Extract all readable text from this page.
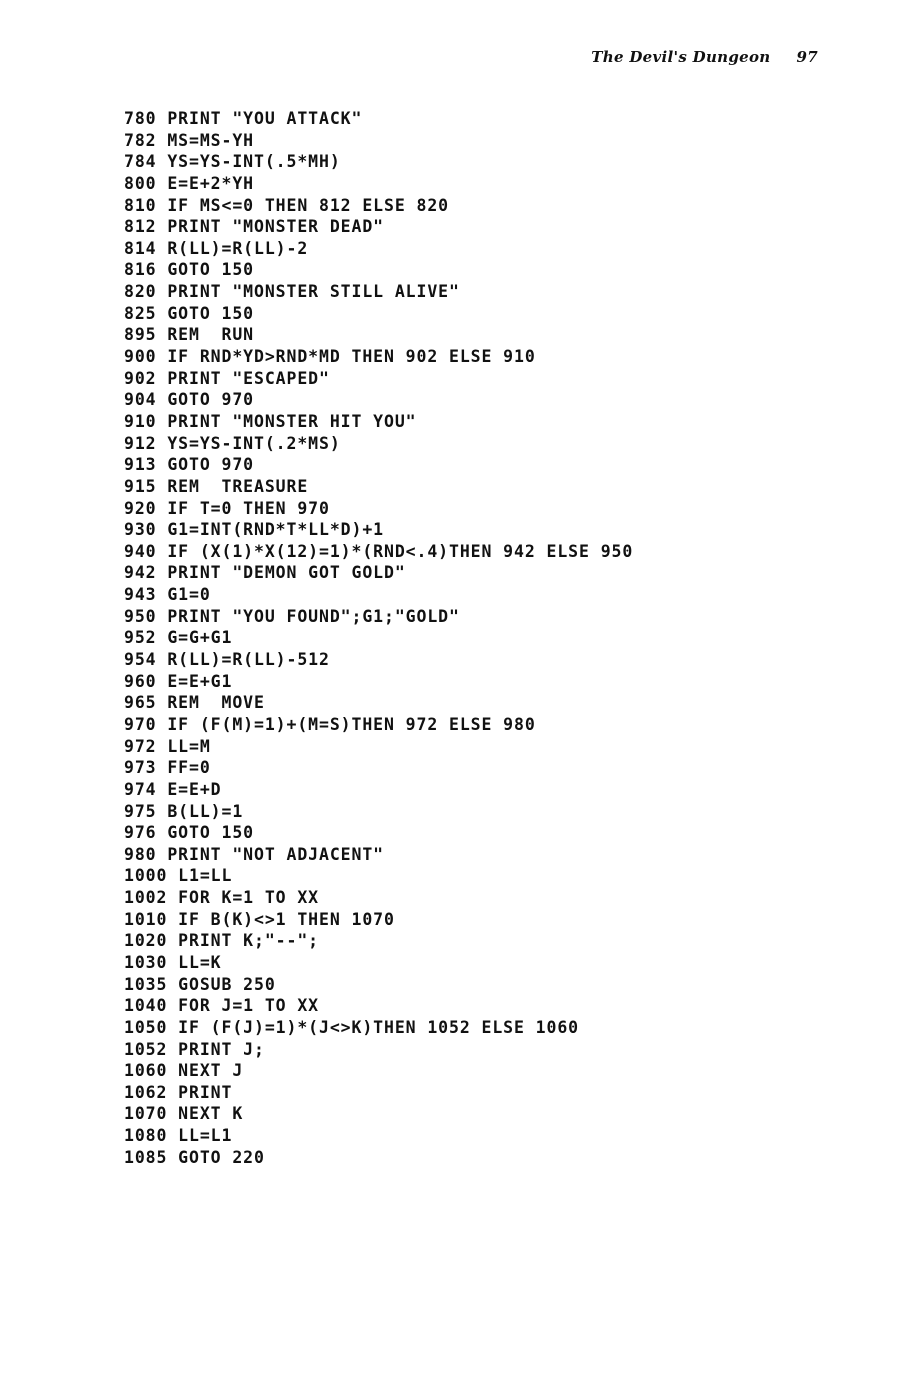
The Devil's Dungeon 97
780 PRINT "YOU ATTACK"
782 MS=MS-YH
784 YS=YS-INT(.5*MH)
800 E=E+2*YH
810 IF MS<=0 THEN 812 ELSE 820
812 PRINT "MONSTER DEAD"
814 R(LL)=R(LL)-2
816 GOTO 150
820 PRINT "MONSTER STILL ALIVE"
825 GOTO 150
895 REM  RUN
900 IF RND*YD>RND*MD THEN 902 ELSE 910
902 PRINT "ESCAPED"
904 GOTO 970
910 PRINT "MONSTER HIT YOU"
912 YS=YS-INT(.2*MS)
913 GOTO 970
915 REM  TREASURE
920 IF T=0 THEN 970
930 G1=INT(RND*T*LL*D)+1
940 IF (X(1)*X(12)=1)*(RND<.4)THEN 942 ELSE 950
942 PRINT "DEMON GOT GOLD"
943 G1=0
950 PRINT "YOU FOUND";G1;"GOLD"
952 G=G+G1
954 R(LL)=R(LL)-512
960 E=E+G1
965 REM  MOVE
970 IF (F(M)=1)+(M=S)THEN 972 ELSE 980
972 LL=M
973 FF=0
974 E=E+D
975 B(LL)=1
976 GOTO 150
980 PRINT "NOT ADJACENT"
1000 L1=LL
1002 FOR K=1 TO XX
1010 IF B(K)<>1 THEN 1070
1020 PRINT K;"--";
1030 LL=K
1035 GOSUB 250
1040 FOR J=1 TO XX
1050 IF (F(J)=1)*(J<>K)THEN 1052 ELSE 1060
1052 PRINT J;
1060 NEXT J
1062 PRINT
1070 NEXT K
1080 LL=L1
1085 GOTO 220
